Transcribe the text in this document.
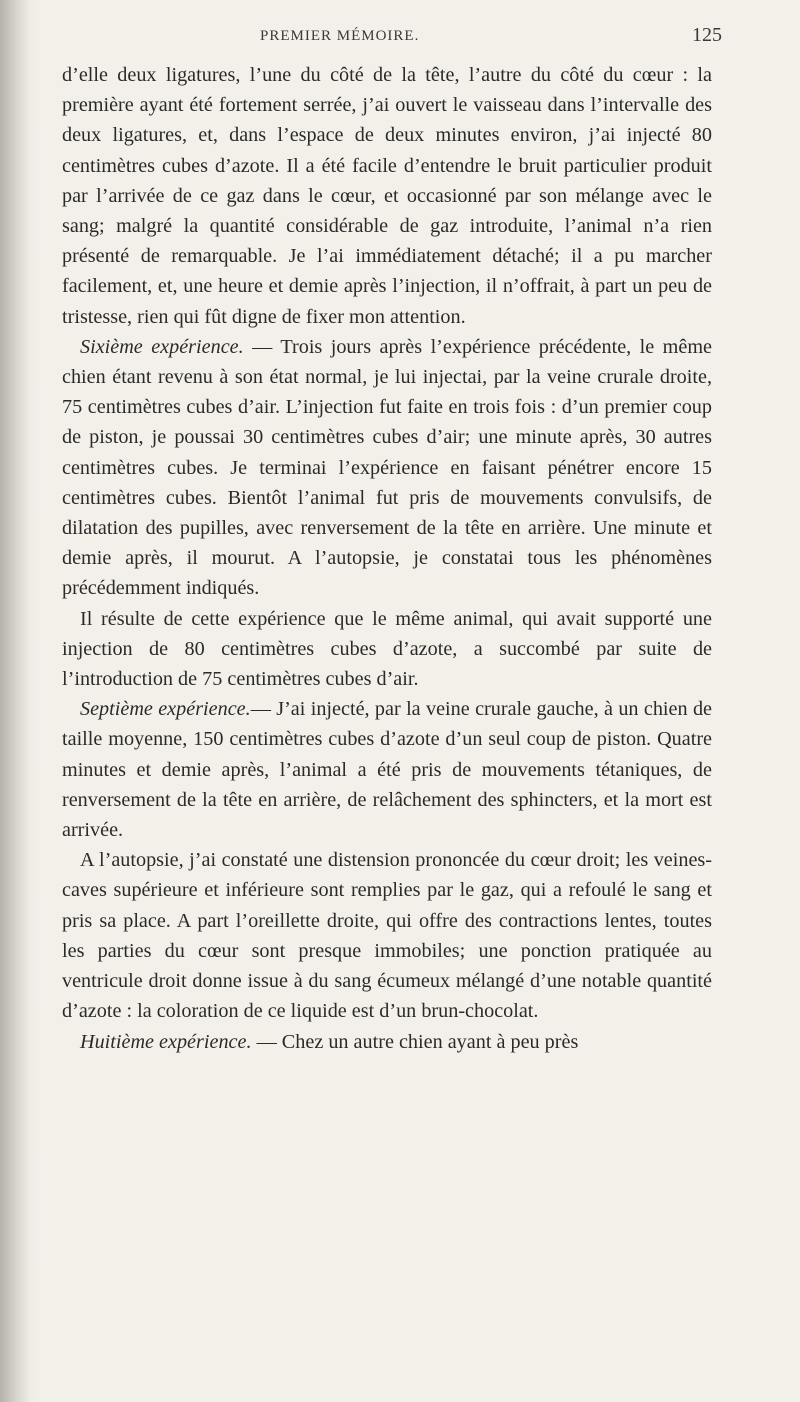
PREMIER MÉMOIRE.	125

d’elle deux ligatures, l’une du côté de la tête, l’autre du côté du cœur : la première ayant été fortement serrée, j’ai ouvert le vaisseau dans l’intervalle des deux ligatures, et, dans l’espace de deux minutes environ, j’ai injecté 80 centimètres cubes d’azote. Il a été facile d’entendre le bruit particulier produit par l’arrivée de ce gaz dans le cœur, et occasionné par son mélange avec le sang; malgré la quantité considérable de gaz introduite, l’animal n’a rien présenté de remarquable. Je l’ai immédiatement détaché; il a pu marcher facilement, et, une heure et demie après l’injection, il n’offrait, à part un peu de tristesse, rien qui fût digne de fixer mon attention.

Sixième expérience. — Trois jours après l’expérience précédente, le même chien étant revenu à son état normal, je lui injectai, par la veine crurale droite, 75 centimètres cubes d’air. L’injection fut faite en trois fois : d’un premier coup de piston, je poussai 30 centimètres cubes d’air; une minute après, 30 autres centimètres cubes. Je terminai l’expérience en faisant pénétrer encore 15 centimètres cubes. Bientôt l’animal fut pris de mouvements convulsifs, de dilatation des pupilles, avec renversement de la tête en arrière. Une minute et demie après, il mourut. A l’autopsie, je constatai tous les phénomènes précédemment indiqués.

Il résulte de cette expérience que le même animal, qui avait supporté une injection de 80 centimètres cubes d’azote, a succombé par suite de l’introduction de 75 centimètres cubes d’air.

Septième expérience.— J’ai injecté, par la veine crurale gauche, à un chien de taille moyenne, 150 centimètres cubes d’azote d’un seul coup de piston. Quatre minutes et demie après, l’animal a été pris de mouvements tétaniques, de renversement de la tête en arrière, de relâchement des sphincters, et la mort est arrivée.

A l’autopsie, j’ai constaté une distension prononcée du cœur droit; les veines-caves supérieure et inférieure sont remplies par le gaz, qui a refoulé le sang et pris sa place. A part l’oreillette droite, qui offre des contractions lentes, toutes les parties du cœur sont presque immobiles; une ponction pratiquée au ventricule droit donne issue à du sang écumeux mélangé d’une notable quantité d’azote : la coloration de ce liquide est d’un brun-chocolat.

Huitième expérience. — Chez un autre chien ayant à peu près
